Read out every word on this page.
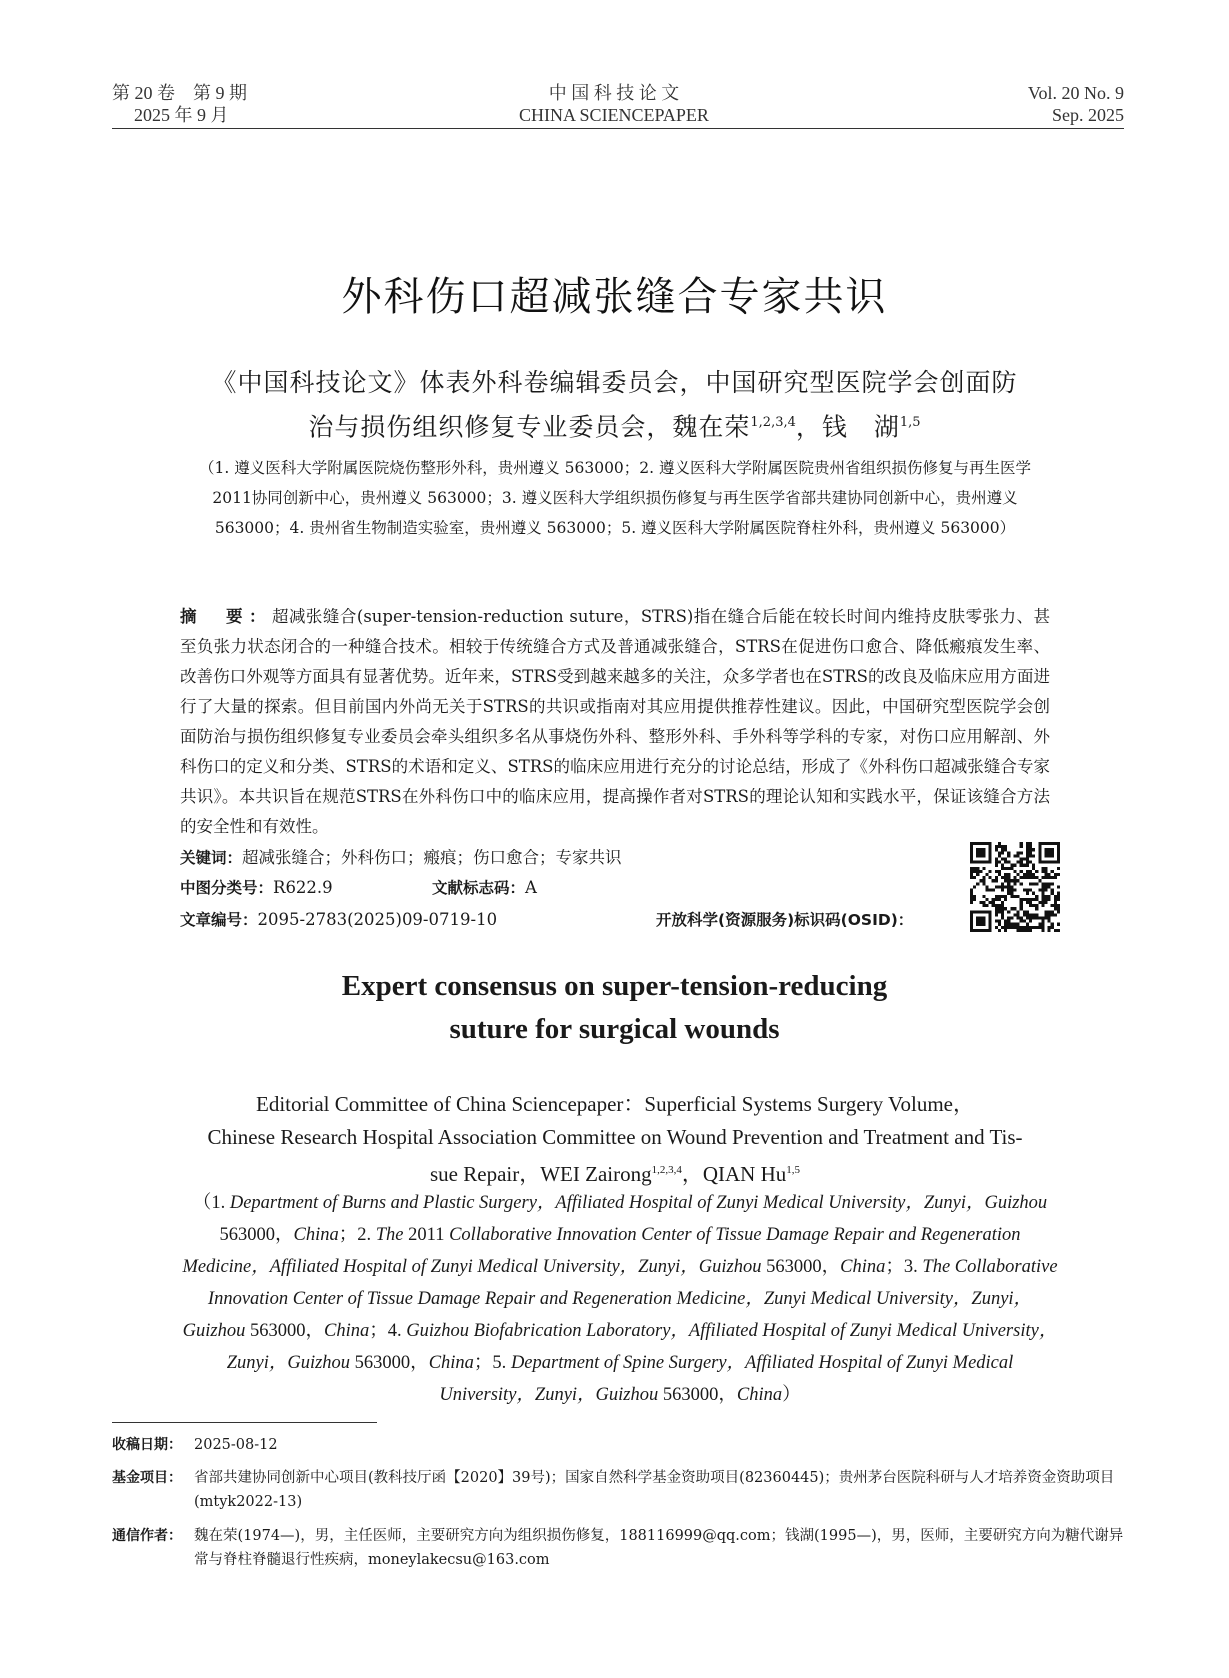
第 20 卷　第 9 期
2025 年 9 月
中 国 科 技 论 文
CHINA SCIENCEPAPER
Vol. 20 No. 9
Sep. 2025
外科伤口超减张缝合专家共识
《中国科技论文》体表外科卷编辑委员会，中国研究型医院学会创面防
治与损伤组织修复专业委员会，魏在荣$^{1,2,3,4}$，钱　湖$^{1,5}$
（1. 遵义医科大学附属医院烧伤整形外科，贵州遵义 563000；2. 遵义医科大学附属医院贵州省组织损伤修复与再生医学2011协同创新中心，贵州遵义 563000；3. 遵义医科大学组织损伤修复与再生医学省部共建协同创新中心，贵州遵义 563000；4. 贵州省生物制造实验室，贵州遵义 563000；5. 遵义医科大学附属医院脊柱外科，贵州遵义 563000）
摘　要：超减张缝合(super-tension-reduction suture，STRS)指在缝合后能在较长时间内维持皮肤零张力、甚至负张力状态闭合的一种缝合技术。相较于传统缝合方式及普通减张缝合，STRS在促进伤口愈合、降低瘢痕发生率、改善伤口外观等方面具有显著优势。近年来，STRS受到越来越多的关注，众多学者也在STRS的改良及临床应用方面进行了大量的探索。但目前国内外尚无关于STRS的共识或指南对其应用提供推荐性建议。因此，中国研究型医院学会创面防治与损伤组织修复专业委员会牵头组织多名从事烧伤外科、整形外科、手外科等学科的专家，对伤口应用解剖、外科伤口的定义和分类、STRS的术语和定义、STRS的临床应用进行充分的讨论总结，形成了《外科伤口超减张缝合专家共识》。本共识旨在规范STRS在外科伤口中的临床应用，提高操作者对STRS的理论认知和实践水平，保证该缝合方法的安全性和有效性。
关键词：超减张缝合；外科伤口；瘢痕；伤口愈合；专家共识
中图分类号：R622.9	文献标志码：A
文章编号：2095-2783(2025)09-0719-10	开放科学(资源服务)标识码(OSID)：
Expert consensus on super-tension-reducing
suture for surgical wounds
Editorial Committee of China Sciencepaper：Superficial Systems Surgery Volume，
Chinese Research Hospital Association Committee on Wound Prevention and Treatment and Tis-
sue Repair，WEI Zairong$^{1,2,3,4}$，QIAN Hu$^{1,5}$
（1. Department of Burns and Plastic Surgery，Affiliated Hospital of Zunyi Medical University，Zunyi，Guizhou 563000，China；2. The 2011 Collaborative Innovation Center of Tissue Damage Repair and Regeneration Medicine，Affiliated Hospital of Zunyi Medical University，Zunyi，Guizhou 563000，China；3. The Collaborative Innovation Center of Tissue Damage Repair and Regeneration Medicine，Zunyi Medical University，Zunyi，Guizhou 563000，China；4. Guizhou Biofabrication Laboratory，Affiliated Hospital of Zunyi Medical University，Zunyi，Guizhou 563000，China；5. Department of Spine Surgery，Affiliated Hospital of Zunyi Medical University，Zunyi，Guizhou 563000，China）
收稿日期： 2025-08-12
基金项目： 省部共建协同创新中心项目(教科技厅函【2020】39号)；国家自然科学基金资助项目(82360445)；贵州茅台医院科研与人才培养资金资助项目(mtyk2022-13)
通信作者： 魏在荣(1974—)，男，主任医师，主要研究方向为组织损伤修复，188116999@qq.com；钱湖(1995—)，男，医师，主要研究方向为糖代谢异常与脊柱脊髓退行性疾病，moneylakecsu@163.com
